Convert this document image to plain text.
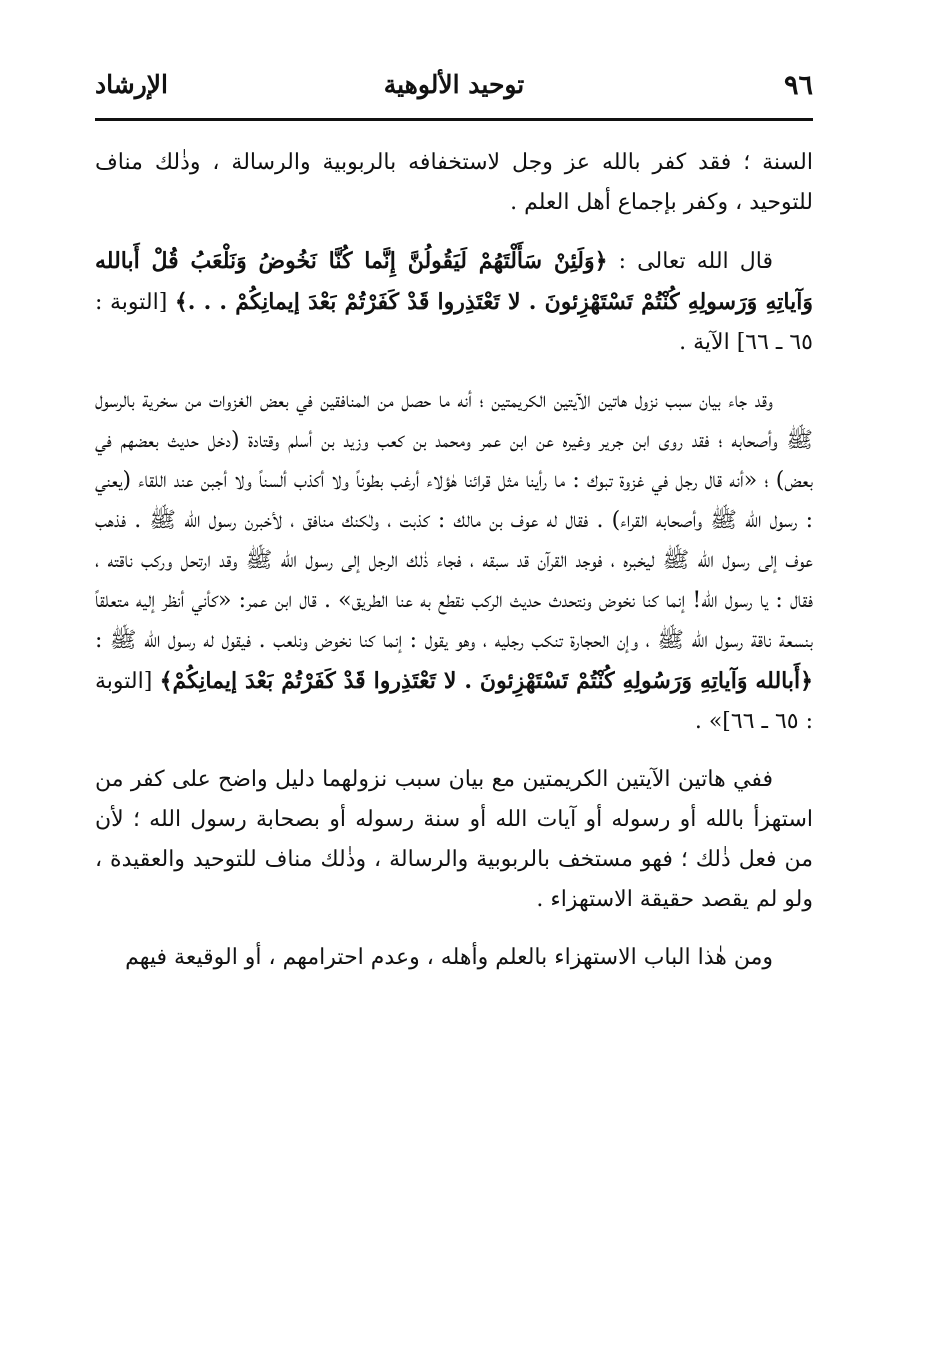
٩٦
توحيد الألوهية
الإرشاد

السنة ؛ فقد كفر بالله عز وجل لاستخفافه بالربوبية والرسالة ، وذٰلك مناف للتوحيد ، وكفر بإجماع أهل العلم .

قال الله تعالى : ﴿وَلَئِنْ سَأَلْتَهُمْ لَيَقُولُنَّ إِنَّما كُنَّا نَخُوضُ وَنَلْعَبُ قُلْ أَبالله وَآياتِهِ وَرَسولِهِ كُنْتُمْ تَسْتَهْزِئونَ . لا تَعْتَذِروا قَدْ كَفَرْتُمْ بَعْدَ إيمانِكُمْ . . .﴾ [التوبة : ٦٥ ـ ٦٦] الآية .

وقد جاء بيان سبب نزول هاتين الآيتين الكريمتين ؛ أنه ما حصل من المنافقين في بعض الغزوات من سخرية بالرسول ﷺ وأصحابه ؛ فقد روى ابن جرير وغيره عن ابن عمر ومحمد بن كعب وزيد بن أسلم وقتادة (دخل حديث بعضهم في بعض) ؛ «أنه قال رجل في غزوة تبوك : ما رأينا مثل قرائنا هٰؤلاء أرغب بطوناً ولا أكذب ألسناً ولا أجبن عند اللقاء (يعني : رسول الله ﷺ وأصحابه القراء) . فقال له عوف بن مالك : كذبت ، ولٰكنك منافق ، لأخبرن رسول الله ﷺ . فذهب عوف إلى رسول الله ﷺ ليخبره ، فوجد القرآن قد سبقه ، فجاء ذٰلك الرجل إلى رسول الله ﷺ وقد ارتحل وركب ناقته ، فقال : يا رسول الله! إنما كنا نخوض ونتحدث حديث الركب نقطع به عنا الطريق» . قال ابن عمر: «كأني أنظر إليه متعلقاً بنسعة ناقة رسول الله ﷺ ، وإن الحجارة تنكب رجليه ، وهو يقول : إنما كنا نخوض ونلعب . فيقول له رسول الله ﷺ : ﴿أَبالله وَآياتِهِ وَرَسُولِهِ كُنْتُمْ تَسْتَهْزِئونَ . لا تَعْتَذِروا قَدْ كَفَرْتُمْ بَعْدَ إيمانِكُمْ﴾ [التوبة : ٦٥ ـ ٦٦]» .

ففي هاتين الآيتين الكريمتين مع بيان سبب نزولهما دليل واضح على كفر من استهزأ بالله أو رسوله أو آيات الله أو سنة رسوله أو بصحابة رسول الله ؛ لأن من فعل ذٰلك ؛ فهو مستخف بالربوبية والرسالة ، وذٰلك مناف للتوحيد والعقيدة ، ولو لم يقصد حقيقة الاستهزاء .

ومن هٰذا الباب الاستهزاء بالعلم وأهله ، وعدم احترامهم ، أو الوقيعة فيهم
